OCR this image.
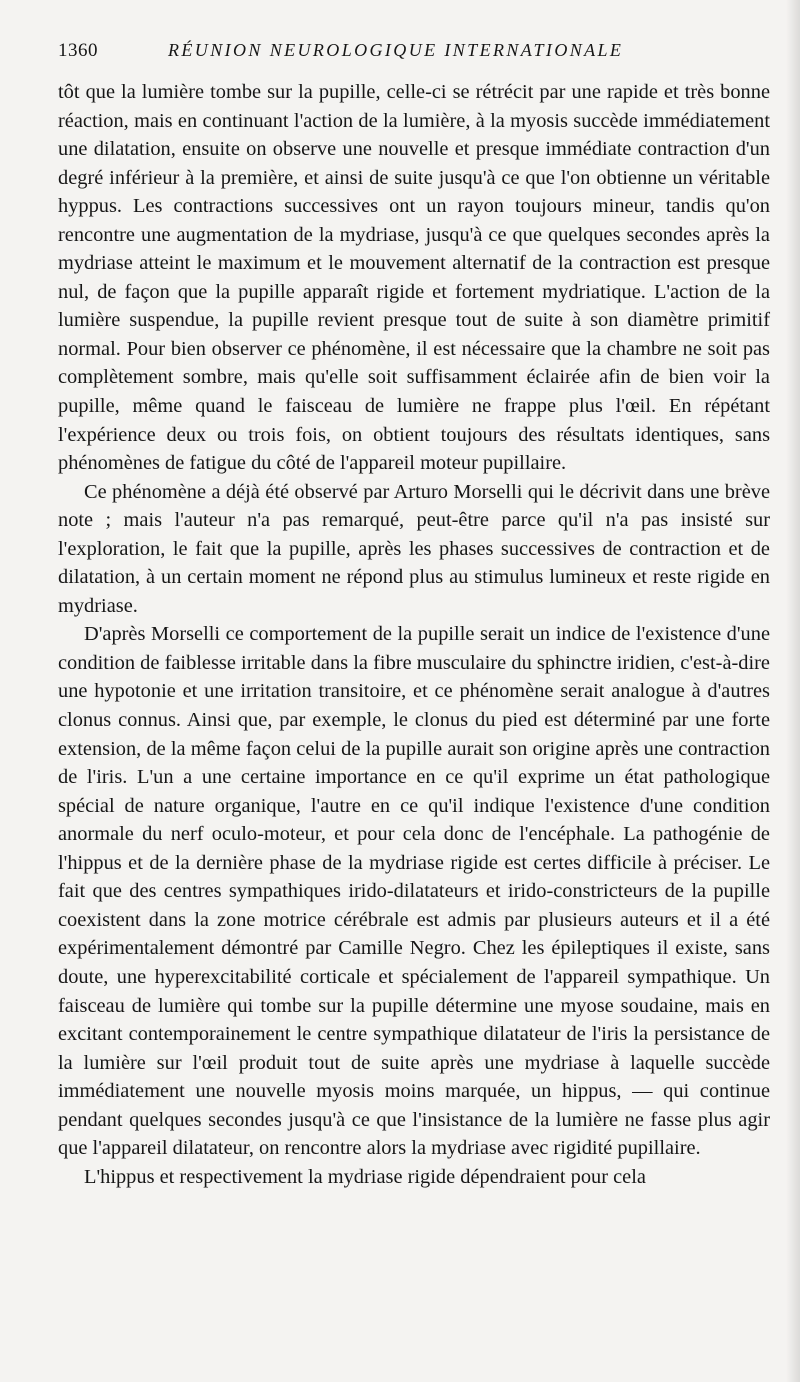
1360	RÉUNION NEUROLOGIQUE INTERNATIONALE

tôt que la lumière tombe sur la pupille, celle-ci se rétrécit par une rapide et très bonne réaction, mais en continuant l'action de la lumière, à la myosis succède immédiatement une dilatation, ensuite on observe une nouvelle et presque immédiate contraction d'un degré inférieur à la première, et ainsi de suite jusqu'à ce que l'on obtienne un véritable hyppus. Les contractions successives ont un rayon toujours mineur, tandis qu'on rencontre une augmentation de la mydriase, jusqu'à ce que quelques secondes après la mydriase atteint le maximum et le mouvement alternatif de la contraction est presque nul, de façon que la pupille apparaît rigide et fortement mydriatique. L'action de la lumière suspendue, la pupille revient presque tout de suite à son diamètre primitif normal. Pour bien observer ce phénomène, il est nécessaire que la chambre ne soit pas complètement sombre, mais qu'elle soit suffisamment éclairée afin de bien voir la pupille, même quand le faisceau de lumière ne frappe plus l'œil. En répétant l'expérience deux ou trois fois, on obtient toujours des résultats identiques, sans phénomènes de fatigue du côté de l'appareil moteur pupillaire.

Ce phénomène a déjà été observé par Arturo Morselli qui le décrivit dans une brève note ; mais l'auteur n'a pas remarqué, peut-être parce qu'il n'a pas insisté sur l'exploration, le fait que la pupille, après les phases successives de contraction et de dilatation, à un certain moment ne répond plus au stimulus lumineux et reste rigide en mydriase.

D'après Morselli ce comportement de la pupille serait un indice de l'existence d'une condition de faiblesse irritable dans la fibre musculaire du sphinctre iridien, c'est-à-dire une hypotonie et une irritation transitoire, et ce phénomène serait analogue à d'autres clonus connus. Ainsi que, par exemple, le clonus du pied est déterminé par une forte extension, de la même façon celui de la pupille aurait son origine après une contraction de l'iris. L'un a une certaine importance en ce qu'il exprime un état pathologique spécial de nature organique, l'autre en ce qu'il indique l'existence d'une condition anormale du nerf oculo-moteur, et pour cela donc de l'encéphale. La pathogénie de l'hippus et de la dernière phase de la mydriase rigide est certes difficile à préciser. Le fait que des centres sympathiques irido-dilatateurs et irido-constricteurs de la pupille coexistent dans la zone motrice cérébrale est admis par plusieurs auteurs et il a été expérimentalement démontré par Camille Negro. Chez les épileptiques il existe, sans doute, une hyperexcitabilité corticale et spécialement de l'appareil sympathique. Un faisceau de lumière qui tombe sur la pupille détermine une myose soudaine, mais en excitant contemporainement le centre sympathique dilatateur de l'iris la persistance de la lumière sur l'œil produit tout de suite après une mydriase à laquelle succède immédiatement une nouvelle myosis moins marquée, un hippus, — qui continue pendant quelques secondes jusqu'à ce que l'insistance de la lumière ne fasse plus agir que l'appareil dilatateur, on rencontre alors la mydriase avec rigidité pupillaire.

L'hippus et respectivement la mydriase rigide dépendraient pour cela
